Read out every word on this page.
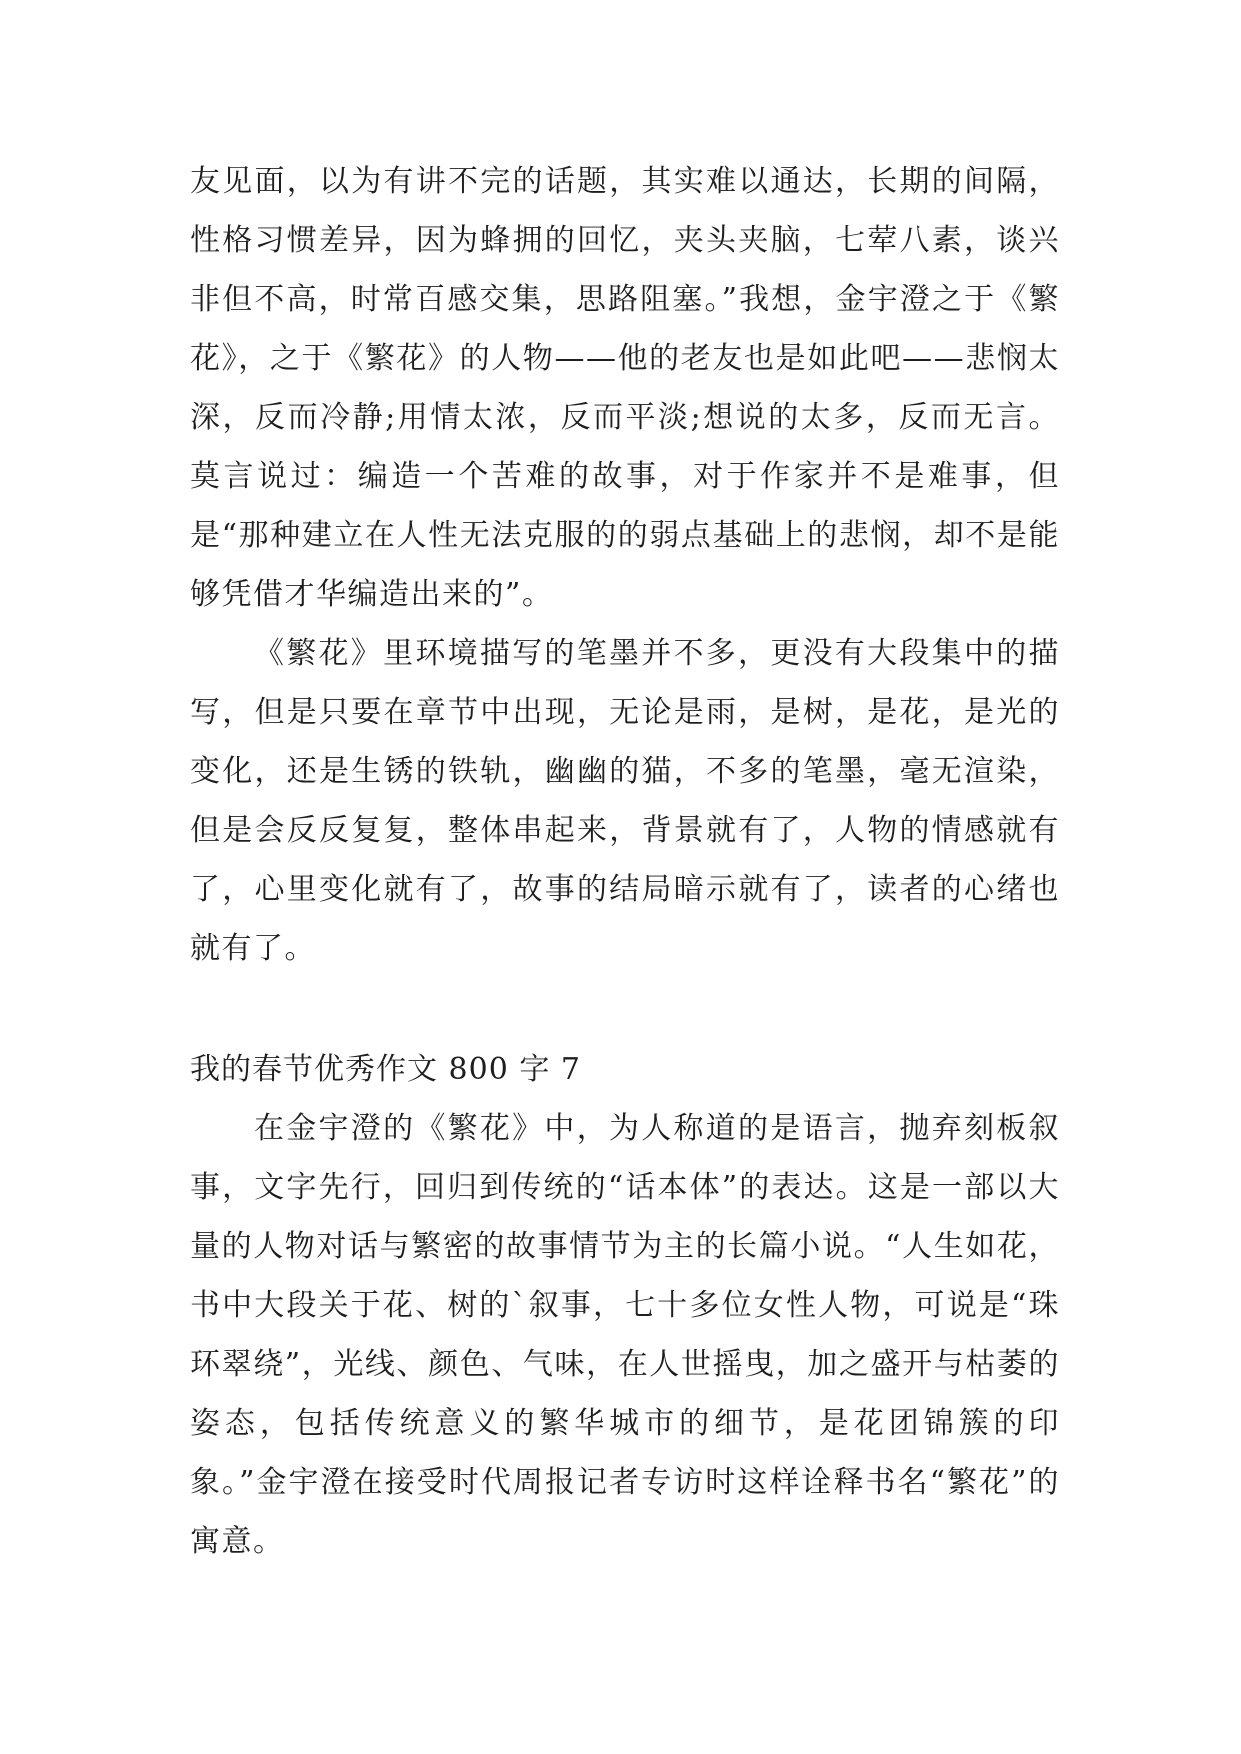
友见面，以为有讲不完的话题，其实难以通达，长期的间隔，性格习惯差异，因为蜂拥的回忆，夹头夹脑，七荤八素，谈兴非但不高，时常百感交集，思路阻塞。”我想，金宇澄之于《繁花》，之于《繁花》的人物——他的老友也是如此吧——悲悯太深，反而冷静;用情太浓，反而平淡;想说的太多，反而无言。莫言说过：编造一个苦难的故事，对于作家并不是难事，但是“那种建立在人性无法克服的的弱点基础上的悲悯，却不是能够凭借才华编造出来的”。

《繁花》里环境描写的笔墨并不多，更没有大段集中的描写，但是只要在章节中出现，无论是雨，是树，是花，是光的变化，还是生锈的铁轨，幽幽的猫，不多的笔墨，毫无渲染，但是会反反复复，整体串起来，背景就有了，人物的情感就有了，心里变化就有了，故事的结局暗示就有了，读者的心绪也就有了。

我的春节优秀作文 800 字 7

在金宇澄的《繁花》中，为人称道的是语言，抛弃刻板叙事，文字先行，回归到传统的“话本体”的表达。这是一部以大量的人物对话与繁密的故事情节为主的长篇小说。“人生如花，书中大段关于花、树的`叙事，七十多位女性人物，可说是“珠环翠绕”，光线、颜色、气味，在人世摇曳，加之盛开与枯萎的姿态，包括传统意义的繁华城市的细节，是花团锦簇的印象。”金宇澄在接受时代周报记者专访时这样诠释书名“繁花”的寓意。
